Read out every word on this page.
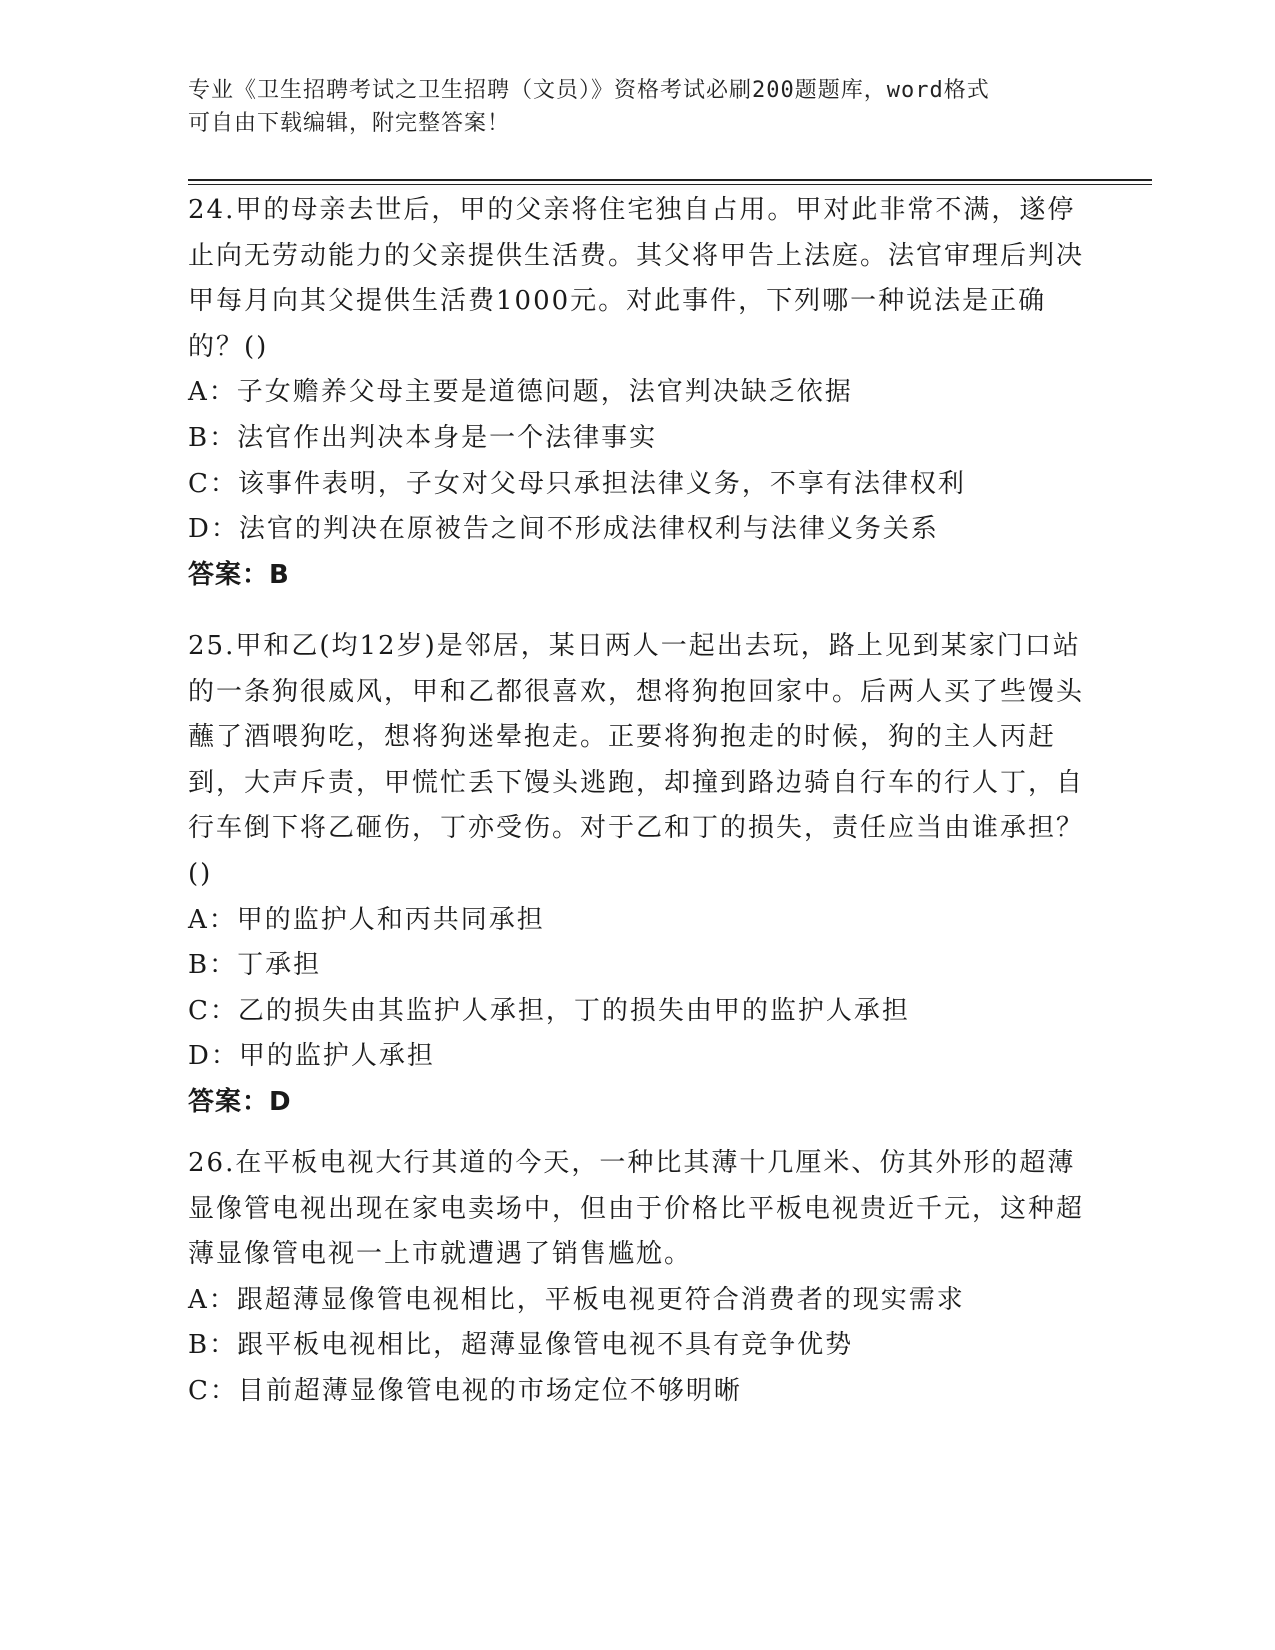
专业《卫生招聘考试之卫生招聘（文员）》资格考试必刷200题题库，word格式
可自由下载编辑，附完整答案！
24.甲的母亲去世后，甲的父亲将住宅独自占用。甲对此非常不满，遂停止向无劳动能力的父亲提供生活费。其父将甲告上法庭。法官审理后判决甲每月向其父提供生活费1000元。对此事件，下列哪一种说法是正确的？()
A：子女赡养父母主要是道德问题，法官判决缺乏依据
B：法官作出判决本身是一个法律事实
C：该事件表明，子女对父母只承担法律义务，不享有法律权利
D：法官的判决在原被告之间不形成法律权利与法律义务关系
答案：B
25.甲和乙(均12岁)是邻居，某日两人一起出去玩，路上见到某家门口站的一条狗很威风，甲和乙都很喜欢，想将狗抱回家中。后两人买了些馒头蘸了酒喂狗吃，想将狗迷晕抱走。正要将狗抱走的时候，狗的主人丙赶到，大声斥责，甲慌忙丢下馒头逃跑，却撞到路边骑自行车的行人丁，自行车倒下将乙砸伤，丁亦受伤。对于乙和丁的损失，责任应当由谁承担？()
A：甲的监护人和丙共同承担
B：丁承担
C：乙的损失由其监护人承担，丁的损失由甲的监护人承担
D：甲的监护人承担
答案：D
26.在平板电视大行其道的今天，一种比其薄十几厘米、仿其外形的超薄显像管电视出现在家电卖场中，但由于价格比平板电视贵近千元，这种超薄显像管电视一上市就遭遇了销售尴尬。
A：跟超薄显像管电视相比，平板电视更符合消费者的现实需求
B：跟平板电视相比，超薄显像管电视不具有竞争优势
C：目前超薄显像管电视的市场定位不够明晰
